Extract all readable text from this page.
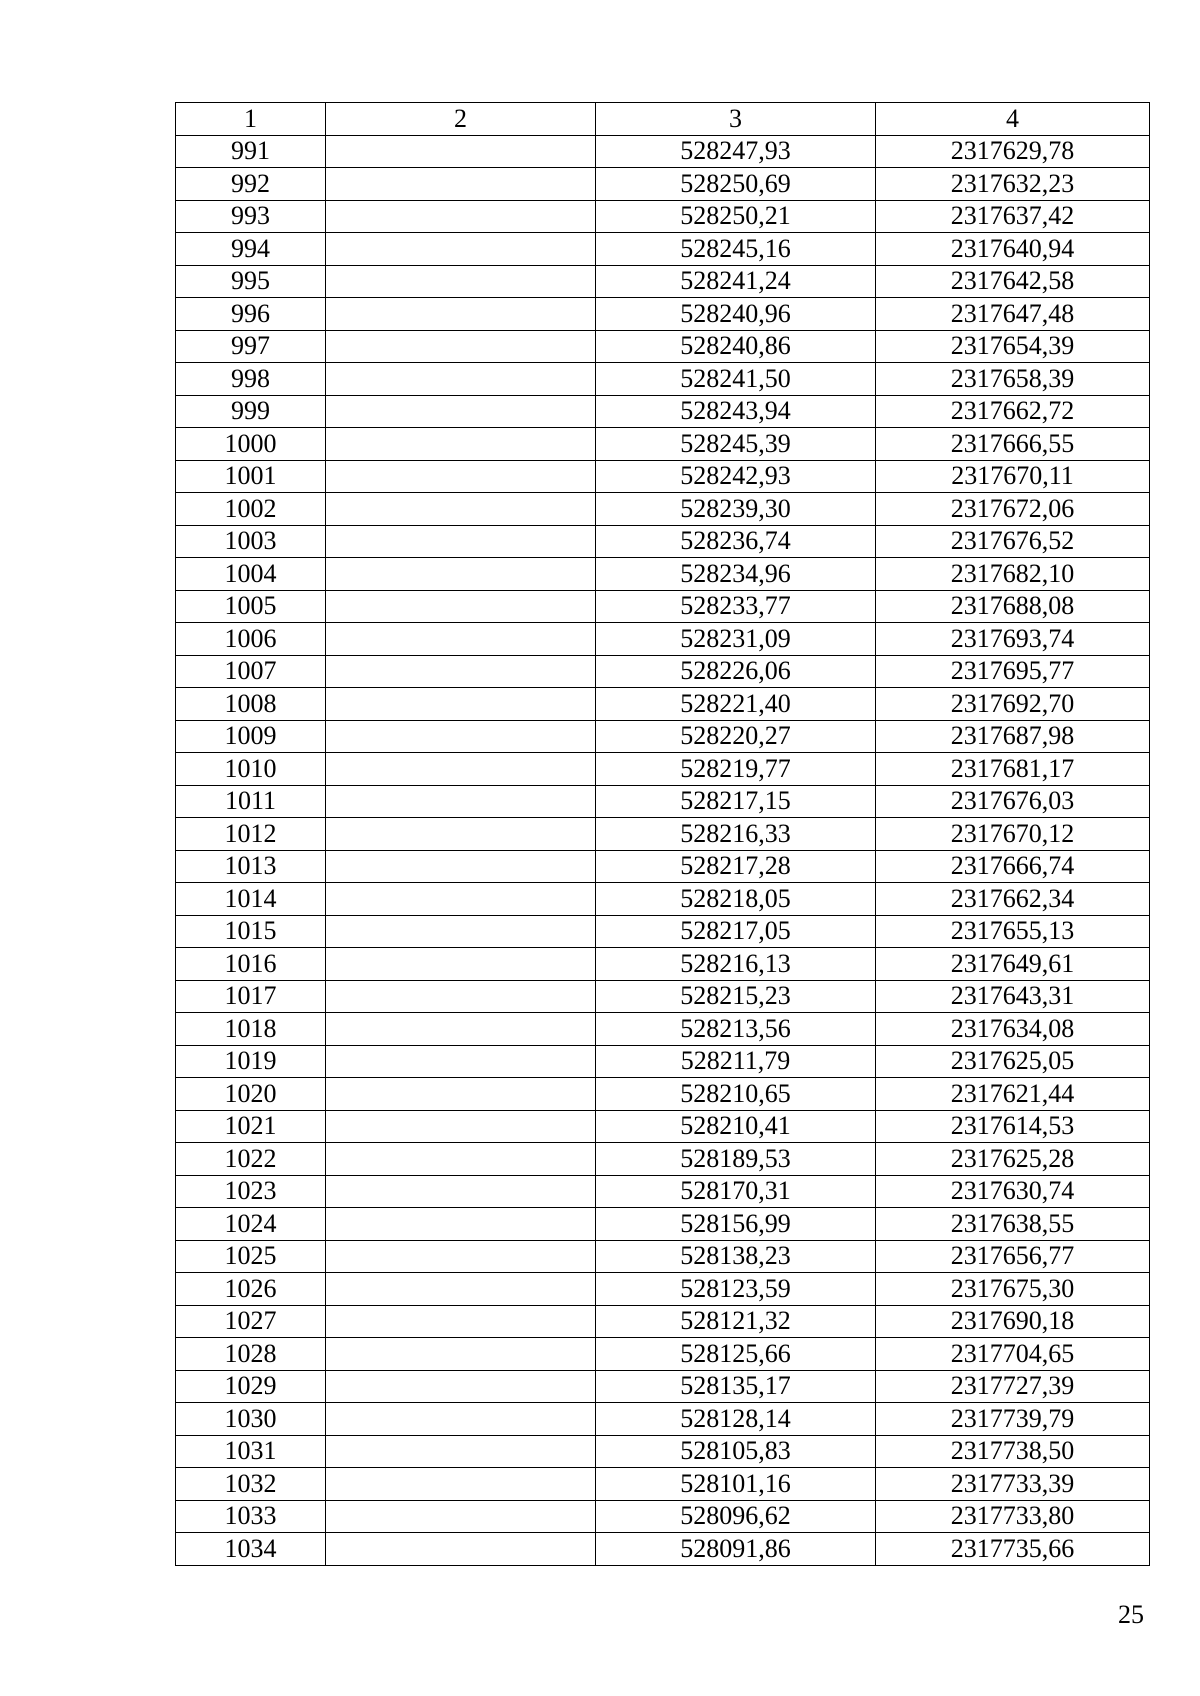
1	2	3	4
991		528247,93	2317629,78
992		528250,69	2317632,23
993		528250,21	2317637,42
994		528245,16	2317640,94
995		528241,24	2317642,58
996		528240,96	2317647,48
997		528240,86	2317654,39
998		528241,50	2317658,39
999		528243,94	2317662,72
1000		528245,39	2317666,55
1001		528242,93	2317670,11
1002		528239,30	2317672,06
1003		528236,74	2317676,52
1004		528234,96	2317682,10
1005		528233,77	2317688,08
1006		528231,09	2317693,74
1007		528226,06	2317695,77
1008		528221,40	2317692,70
1009		528220,27	2317687,98
1010		528219,77	2317681,17
1011		528217,15	2317676,03
1012		528216,33	2317670,12
1013		528217,28	2317666,74
1014		528218,05	2317662,34
1015		528217,05	2317655,13
1016		528216,13	2317649,61
1017		528215,23	2317643,31
1018		528213,56	2317634,08
1019		528211,79	2317625,05
1020		528210,65	2317621,44
1021		528210,41	2317614,53
1022		528189,53	2317625,28
1023		528170,31	2317630,74
1024		528156,99	2317638,55
1025		528138,23	2317656,77
1026		528123,59	2317675,30
1027		528121,32	2317690,18
1028		528125,66	2317704,65
1029		528135,17	2317727,39
1030		528128,14	2317739,79
1031		528105,83	2317738,50
1032		528101,16	2317733,39
1033		528096,62	2317733,80
1034		528091,86	2317735,66
25
